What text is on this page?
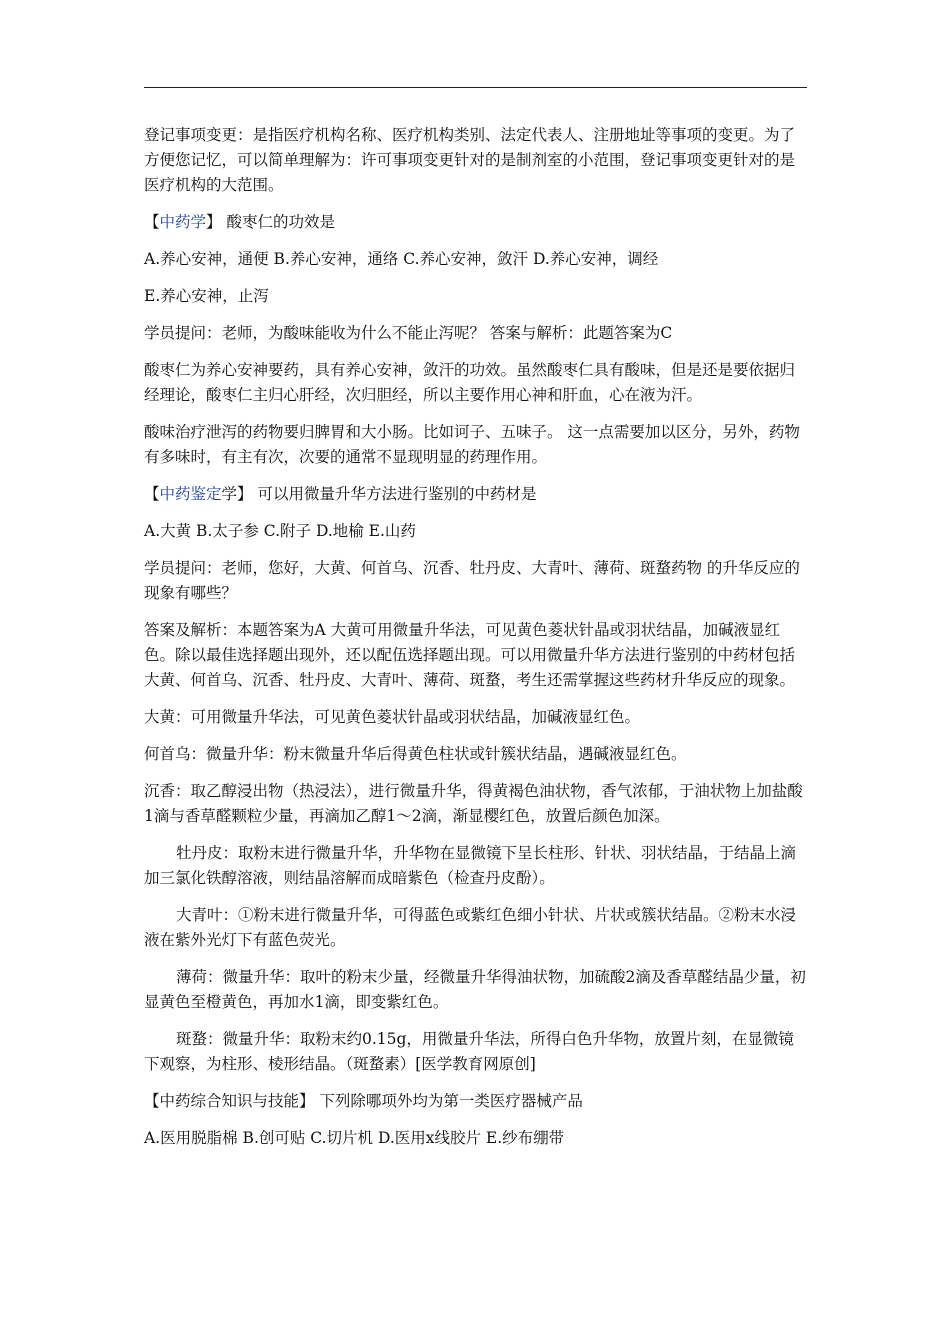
登记事项变更：是指医疗机构名称、医疗机构类别、法定代表人、注册地址等事项的变更。为了方便您记忆，可以简单理解为：许可事项变更针对的是制剂室的小范围，登记事项变更针对的是医疗机构的大范围。
【中药学】 酸枣仁的功效是
A.养心安神，通便 B.养心安神，通络 C.养心安神，敛汗 D.养心安神，调经
E.养心安神，止泻
学员提问：老师，为酸味能收为什么不能止泻呢？ 答案与解析：此题答案为C
酸枣仁为养心安神要药，具有养心安神，敛汗的功效。虽然酸枣仁具有酸味，但是还是要依据归经理论，酸枣仁主归心肝经，次归胆经，所以主要作用心神和肝血，心在液为汗。
酸味治疗泄泻的药物要归脾胃和大小肠。比如诃子、五味子。 这一点需要加以区分，另外，药物有多味时，有主有次，次要的通常不显现明显的药理作用。
【中药鉴定学】 可以用微量升华方法进行鉴别的中药材是
A.大黄 B.太子参 C.附子 D.地榆 E.山药
学员提问：老师，您好，大黄、何首乌、沉香、牡丹皮、大青叶、薄荷、斑蝥药物 的升华反应的现象有哪些？
答案及解析：本题答案为A 大黄可用微量升华法，可见黄色菱状针晶或羽状结晶，加碱液显红色。除以最佳选择题出现外，还以配伍选择题出现。可以用微量升华方法进行鉴别的中药材包括大黄、何首乌、沉香、牡丹皮、大青叶、薄荷、斑蝥，考生还需掌握这些药材升华反应的现象。
大黄：可用微量升华法，可见黄色菱状针晶或羽状结晶，加碱液显红色。
何首乌：微量升华：粉末微量升华后得黄色柱状或针簇状结晶，遇碱液显红色。
沉香：取乙醇浸出物（热浸法），进行微量升华，得黄褐色油状物，香气浓郁，于油状物上加盐酸1滴与香草醛颗粒少量，再滴加乙醇1～2滴，渐显樱红色，放置后颜色加深。
牡丹皮：取粉末进行微量升华，升华物在显微镜下呈长柱形、针状、羽状结晶，于结晶上滴加三氯化铁醇溶液，则结晶溶解而成暗紫色（检查丹皮酚）。
大青叶：①粉末进行微量升华，可得蓝色或紫红色细小针状、片状或簇状结晶。②粉末水浸液在紫外光灯下有蓝色荧光。
薄荷：微量升华：取叶的粉末少量，经微量升华得油状物，加硫酸2滴及香草醛结晶少量，初显黄色至橙黄色，再加水1滴，即变紫红色。
斑蝥：微量升华：取粉末约0.15g，用微量升华法，所得白色升华物，放置片刻，在显微镜下观察，为柱形、棱形结晶。（斑蝥素）[医学教育网原创]
【中药综合知识与技能】 下列除哪项外均为第一类医疗器械产品
A.医用脱脂棉 B.创可贴 C.切片机 D.医用x线胶片 E.纱布绷带
